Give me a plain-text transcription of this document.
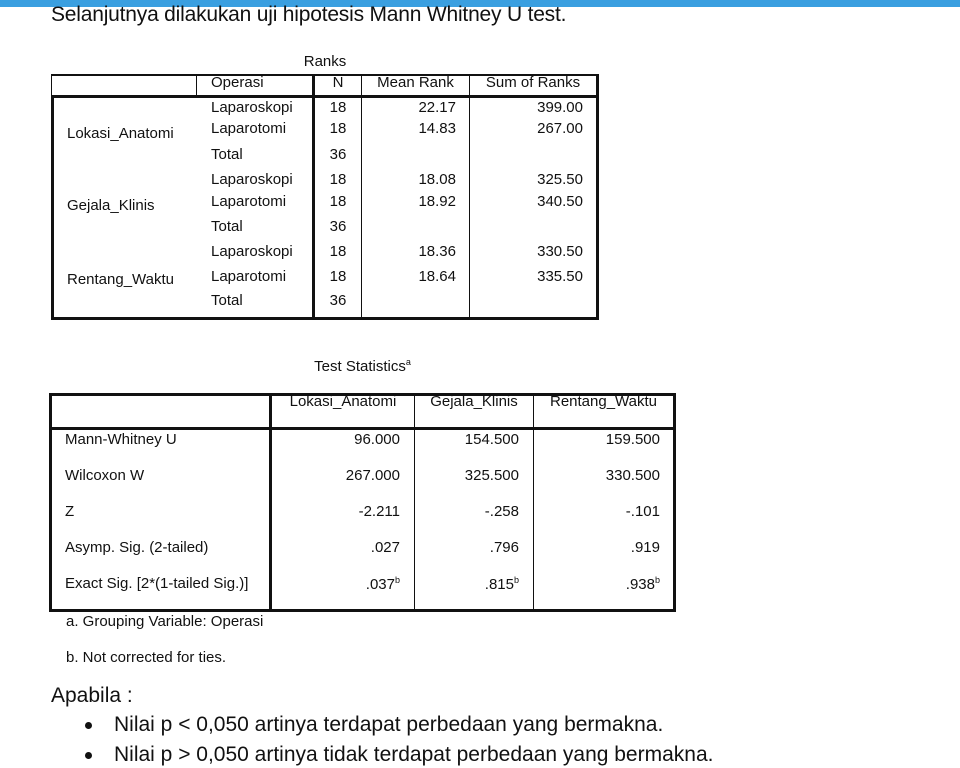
Selanjutnya dilakukan uji hipotesis Mann Whitney U test.
Ranks
Operasi	N	Mean Rank	Sum of Ranks
Lokasi_Anatomi
Laparoskopi	18	22.17	399.00
Laparotomi	18	14.83	267.00
Total	36
Gejala_Klinis
Laparoskopi	18	18.08	325.50
Laparotomi	18	18.92	340.50
Total	36
Rentang_Waktu
Laparoskopi	18	18.36	330.50
Laparotomi	18	18.64	335.50
Total	36
Test Statistics$^a$
Lokasi_Anatomi	Gejala_Klinis	Rentang_Waktu
Mann-Whitney U	96.000	154.500	159.500
Wilcoxon W	267.000	325.500	330.500
Z	-2.211	-.258	-.101
Asymp. Sig. (2-tailed)	.027	.796	.919
Exact Sig. [2*(1-tailed Sig.)]	.037$^b$	.815$^b$	.938$^b$
a. Grouping Variable: Operasi
b. Not corrected for ties.
Apabila :
Nilai p < 0,050 artinya terdapat perbedaan yang bermakna.
Nilai p > 0,050 artinya tidak terdapat perbedaan yang bermakna.
